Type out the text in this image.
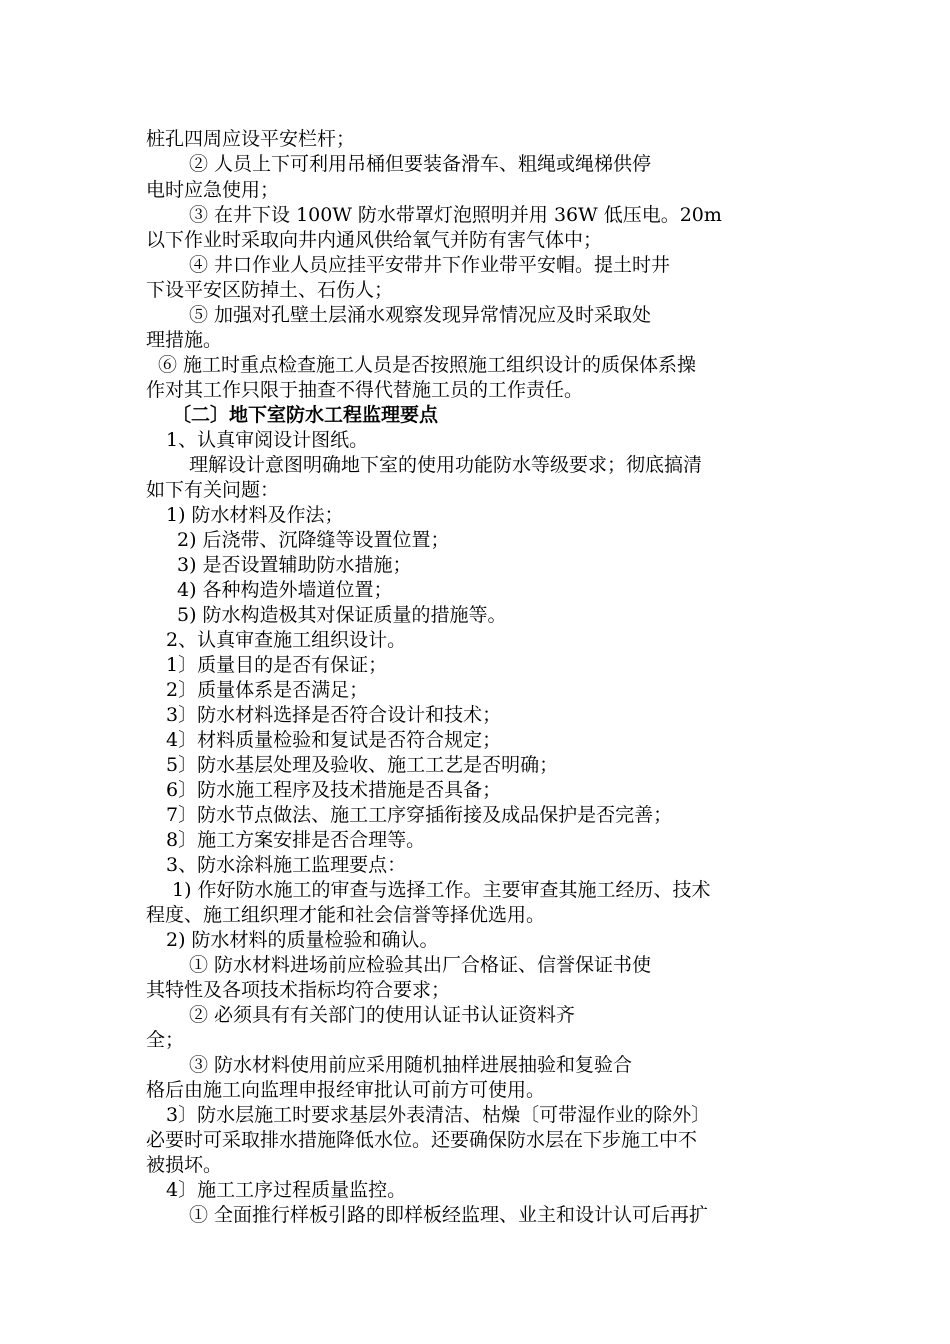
桩孔四周应设平安栏杆；
② 人员上下可利用吊桶但要装备滑车、粗绳或绳梯供停
电时应急使用；
③ 在井下设 100W 防水带罩灯泡照明并用 36W 低压电。20m
以下作业时采取向井内通风供给氧气并防有害气体中；
④ 井口作业人员应挂平安带井下作业带平安帽。提土时井
下设平安区防掉土、石伤人；
⑤ 加强对孔壁土层涌水观察发现异常情况应及时采取处
理措施。
⑥ 施工时重点检查施工人员是否按照施工组织设计的质保体系操
作对其工作只限于抽查不得代替施工员的工作责任。
〔二〕地下室防水工程监理要点
1、认真审阅设计图纸。
理解设计意图明确地下室的使用功能防水等级要求；彻底搞清
如下有关问题：
1) 防水材料及作法；
2) 后浇带、沉降缝等设置位置；
3) 是否设置辅助防水措施；
4) 各种构造外墙道位置；
5) 防水构造极其对保证质量的措施等。
2、认真审查施工组织设计。
1〕质量目的是否有保证；
2〕质量体系是否满足；
3〕防水材料选择是否符合设计和技术；
4〕材料质量检验和复试是否符合规定；
5〕防水基层处理及验收、施工工艺是否明确；
6〕防水施工程序及技术措施是否具备；
7〕防水节点做法、施工工序穿插衔接及成品保护是否完善；
8〕施工方案安排是否合理等。
3、防水涂料施工监理要点：
1) 作好防水施工的审查与选择工作。主要审查其施工经历、技术
程度、施工组织理才能和社会信誉等择优选用。
2) 防水材料的质量检验和确认。
① 防水材料进场前应检验其出厂合格证、信誉保证书使
其特性及各项技术指标均符合要求；
② 必须具有有关部门的使用认证书认证资料齐
全；
③ 防水材料使用前应采用随机抽样进展抽验和复验合
格后由施工向监理申报经审批认可前方可使用。
3〕防水层施工时要求基层外表清洁、枯燥〔可带湿作业的除外〕
必要时可采取排水措施降低水位。还要确保防水层在下步施工中不
被损坏。
4〕施工工序过程质量监控。
① 全面推行样板引路的即样板经监理、业主和设计认可后再扩
